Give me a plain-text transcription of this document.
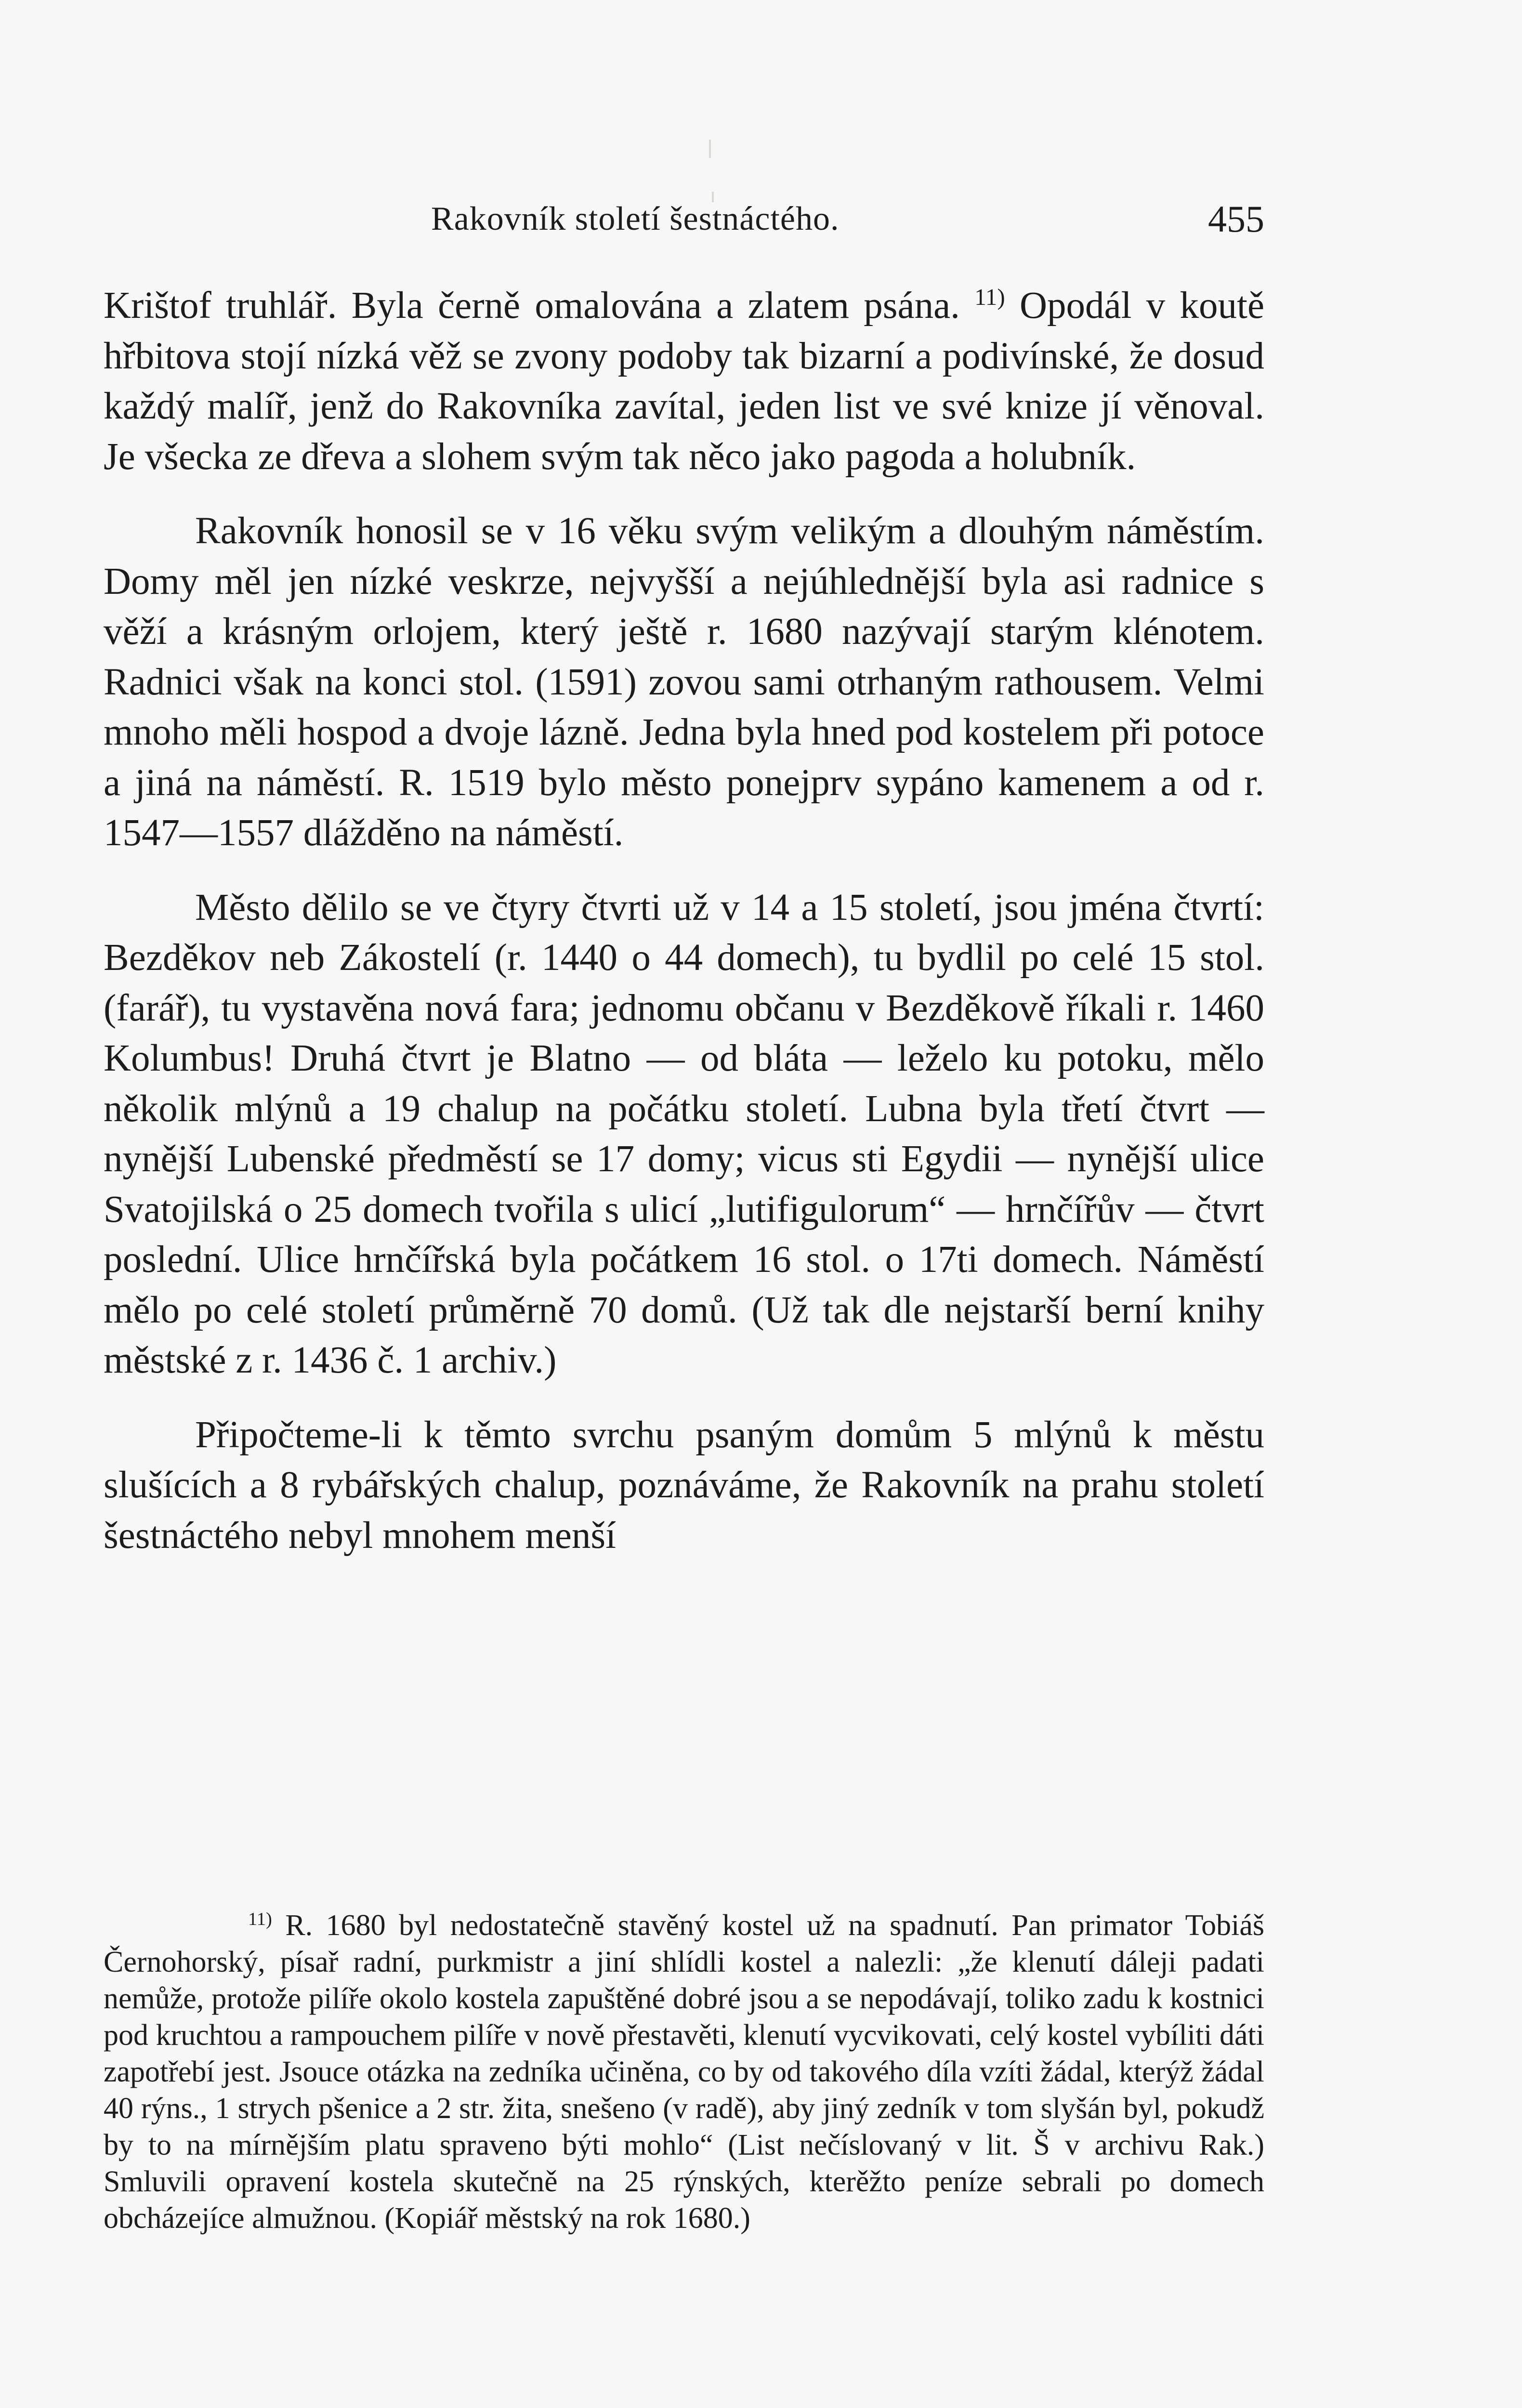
Rakovník století šestnáctého.	455

Krištof truhlář. Byla černě omalována a zlatem psána. $^{11)}$ Opodál v koutě hřbitova stojí nízká věž se zvony podoby tak bizarní a podivínské, že dosud každý malíř, jenž do Rakovníka zavítal, jeden list ve své knize jí věnoval. Je všecka ze dřeva a slohem svým tak něco jako pagoda a holubník.

Rakovník honosil se v 16 věku svým velikým a dlouhým náměstím. Domy měl jen nízké veskrze, nejvyšší a nejúhlednější byla asi radnice s věží a krásným orlojem, který ještě r. 1680 nazývají starým klénotem. Radnici však na konci stol. (1591) zovou sami otrhaným rathousem. Velmi mnoho měli hospod a dvoje lázně. Jedna byla hned pod kostelem při potoce a jiná na náměstí. R. 1519 bylo město ponejprv sypáno kamenem a od r. 1547—1557 dlážděno na náměstí.

Město dělilo se ve čtyry čtvrti už v 14 a 15 století, jsou jména čtvrtí: Bezděkov neb Zákostelí (r. 1440 o 44 domech), tu bydlil po celé 15 stol. (farář), tu vystavěna nová fara; jednomu občanu v Bezděkově říkali r. 1460 Kolumbus! Druhá čtvrt je Blatno — od bláta — leželo ku potoku, mělo několik mlýnů a 19 chalup na počátku století. Lubna byla třetí čtvrt — nynější Lubenské předměstí se 17 domy; vicus sti Egydii — nynější ulice Svatojilská o 25 domech tvořila s ulicí „lutifigulorum“ — hrnčířův — čtvrt poslední. Ulice hrnčířská byla počátkem 16 stol. o 17ti domech. Náměstí mělo po celé století průměrně 70 domů. (Už tak dle nejstarší berní knihy městské z r. 1436 č. 1 archiv.)

Připočteme-li k těmto svrchu psaným domům 5 mlýnů k městu slušících a 8 rybářských chalup, poznáváme, že Rakovník na prahu století šestnáctého nebyl mnohem menší

$^{11)}$ R. 1680 byl nedostatečně stavěný kostel už na spadnutí. Pan primator Tobiáš Černohorský, písař radní, purkmistr a jiní shlídli kostel a nalezli: „že klenutí dáleji padati nemůže, protože pilíře okolo kostela zapuštěné dobré jsou a se nepodávají, toliko zadu k kostnici pod kruchtou a rampouchem pilíře v nově přestavěti, klenutí vycvikovati, celý kostel vybíliti dáti zapotřebí jest. Jsouce otázka na zedníka učiněna, co by od takového díla vzíti žádal, kterýž žádal 40 rýns., 1 strych pšenice a 2 str. žita, snešeno (v radě), aby jiný zedník v tom slyšán byl, pokudž by to na mírnějším platu spraveno býti mohlo“ (List nečíslovaný v lit. Š v archivu Rak.) Smluvili opravení kostela skutečně na 25 rýnských, kterěžto peníze sebrali po domech obcházejíce almužnou. (Kopiář městský na rok 1680.)
